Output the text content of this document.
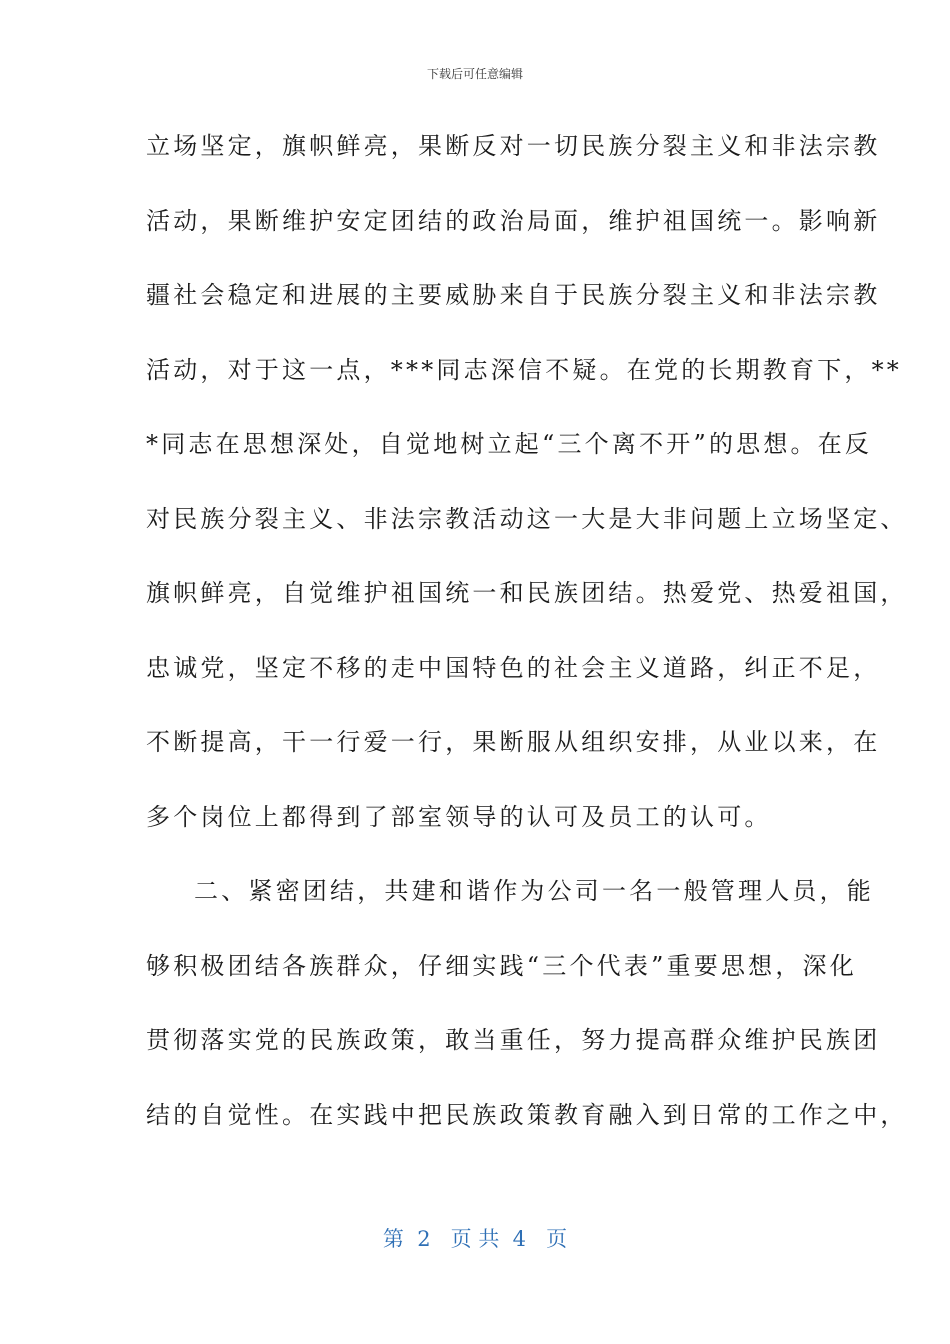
下载后可任意编辑
立场坚定，旗帜鲜亮，果断反对一切民族分裂主义和非法宗教
活动，果断维护安定团结的政治局面，维护祖国统一。影响新
疆社会稳定和进展的主要威胁来自于民族分裂主义和非法宗教
活动，对于这一点，***同志深信不疑。在党的长期教育下，**
*同志在思想深处，自觉地树立起“三个离不开”的思想。在反
对民族分裂主义、非法宗教活动这一大是大非问题上立场坚定、
旗帜鲜亮，自觉维护祖国统一和民族团结。热爱党、热爱祖国，
忠诚党，坚定不移的走中国特色的社会主义道路，纠正不足，
不断提高，干一行爱一行，果断服从组织安排，从业以来，在
多个岗位上都得到了部室领导的认可及员工的认可。
二、紧密团结，共建和谐作为公司一名一般管理人员，能
够积极团结各族群众，仔细实践“三个代表”重要思想，深化
贯彻落实党的民族政策，敢当重任，努力提高群众维护民族团
结的自觉性。在实践中把民族政策教育融入到日常的工作之中，
第  2   页 共  4   页
